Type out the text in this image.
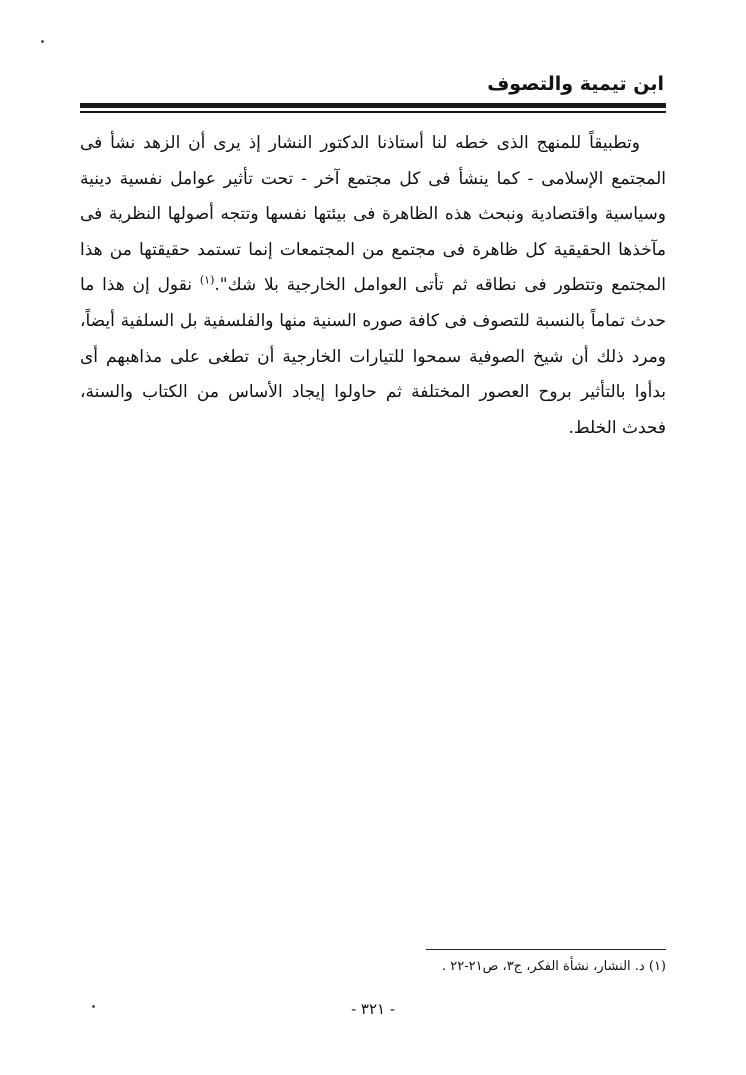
ابن تيمية والتصوف
وتطبيقاً للمنهج الذى خطه لنا أستاذنا الدكتور النشار إذ يرى أن الزهد نشأ فى المجتمع الإسلامى - كما ينشأ فى كل مجتمع آخر - تحت تأثير عوامل نفسية دينية وسياسية واقتصادية ونبحث هذه الظاهرة فى بيئتها نفسها وتتجه أصولها النظرية فى مآخذها الحقيقية كل ظاهرة فى مجتمع من المجتمعات إنما تستمد حقيقتها من هذا المجتمع وتتطور فى نطاقه ثم تأتى العوامل الخارجية بلا شك".$^{(١)}$ نقول إن هذا ما حدث تماماً بالنسبة للتصوف فى كافة صوره السنية منها والفلسفية بل السلفية أيضاً، ومرد ذلك أن شيخ الصوفية سمحوا للتيارات الخارجية أن تطغى على مذاهبهم أى بدأوا بالتأثير بروح العصور المختلفة ثم حاولوا إيجاد الأساس من الكتاب والسنة، فحدث الخلط.
(١) د. النشار، نشأة الفكر، ج٣، ص٢١-٢٢ .
- ٣٢١ -
